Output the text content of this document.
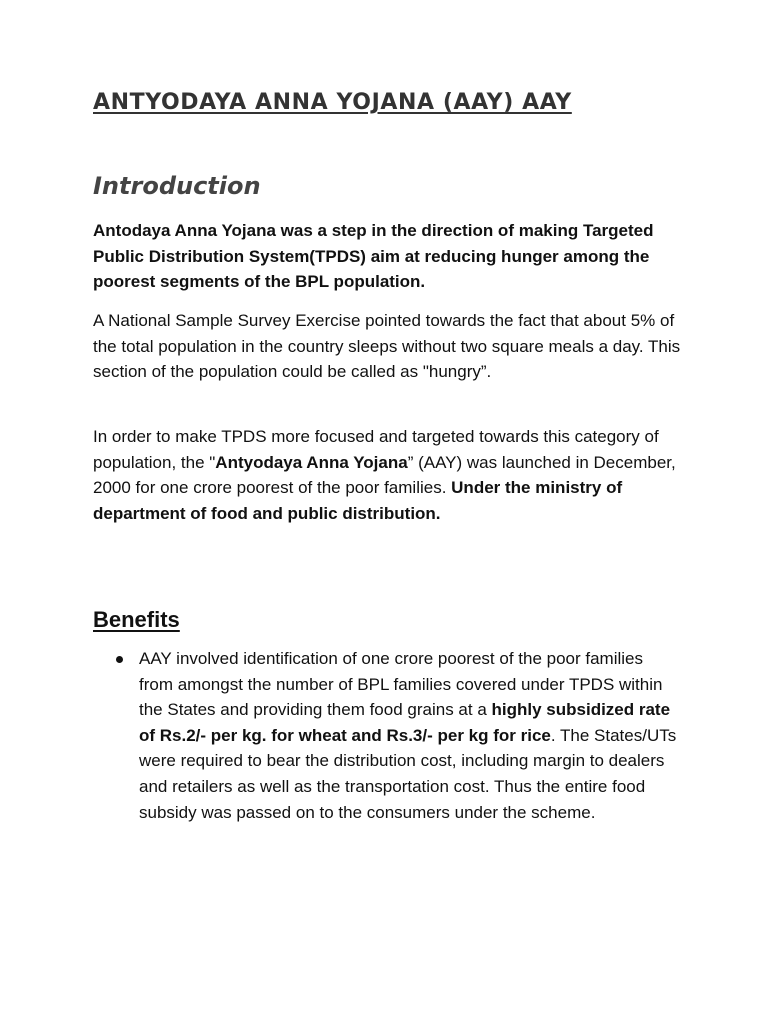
ANTYODAYA ANNA YOJANA (AAY) AAY
Introduction

Antodaya Anna Yojana was a step in the direction of making Targeted Public Distribution System(TPDS) aim at reducing hunger among the poorest segments of the BPL population.

A National Sample Survey Exercise pointed towards the fact that about 5% of the total population in the country sleeps without two square meals a day. This section of the population could be called as "hungry”.

In order to make TPDS more focused and targeted towards this category of population, the "Antyodaya Anna Yojana” (AAY) was launched in December, 2000 for one crore poorest of the poor families. Under the ministry of department of food and public distribution.

Benefits
AAY involved identification of one crore poorest of the poor families from amongst the number of BPL families covered under TPDS within the States and providing them food grains at a highly subsidized rate of Rs.2/- per kg. for wheat and Rs.3/- per kg for rice. The States/UTs were required to bear the distribution cost, including margin to dealers and retailers as well as the transportation cost. Thus the entire food subsidy was passed on to the consumers under the scheme.
